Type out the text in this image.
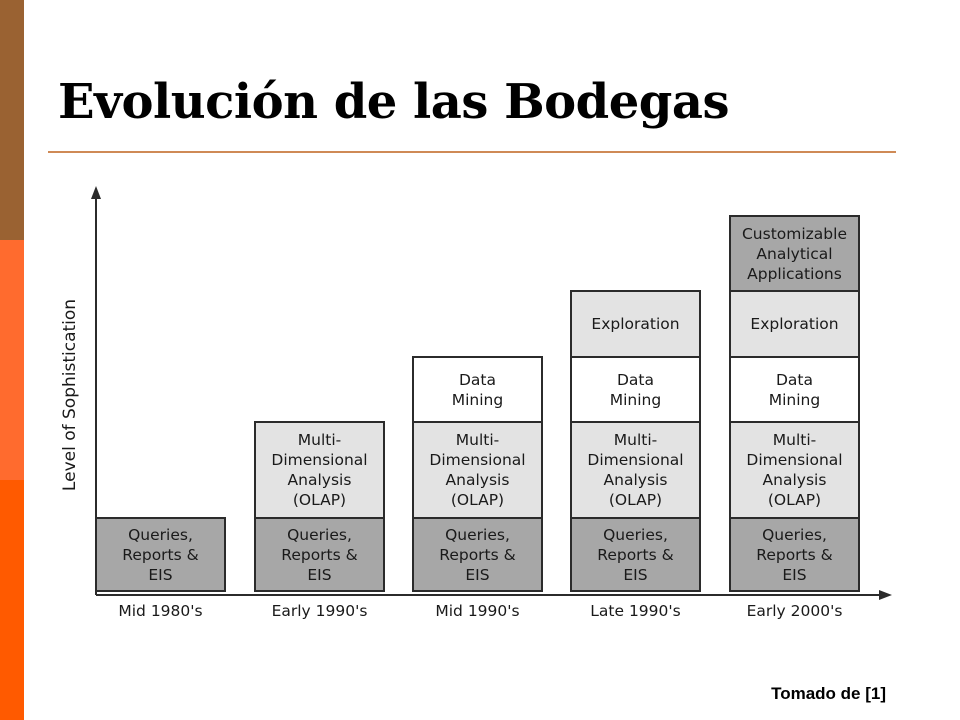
Evolución de las Bodegas
Level of Sophistication
Queries,
Reports &
EIS
Queries,
Reports &
EIS
Multi-
Dimensional
Analysis
(OLAP)
Queries,
Reports &
EIS
Multi-
Dimensional
Analysis
(OLAP)
Data
Mining
Queries,
Reports &
EIS
Multi-
Dimensional
Analysis
(OLAP)
Data
Mining
Exploration
Queries,
Reports &
EIS
Multi-
Dimensional
Analysis
(OLAP)
Data
Mining
Exploration
Customizable
Analytical
Applications
Mid 1980's	Early 1990's	Mid 1990's	Late 1990's	Early 2000's
Tomado de [1]
